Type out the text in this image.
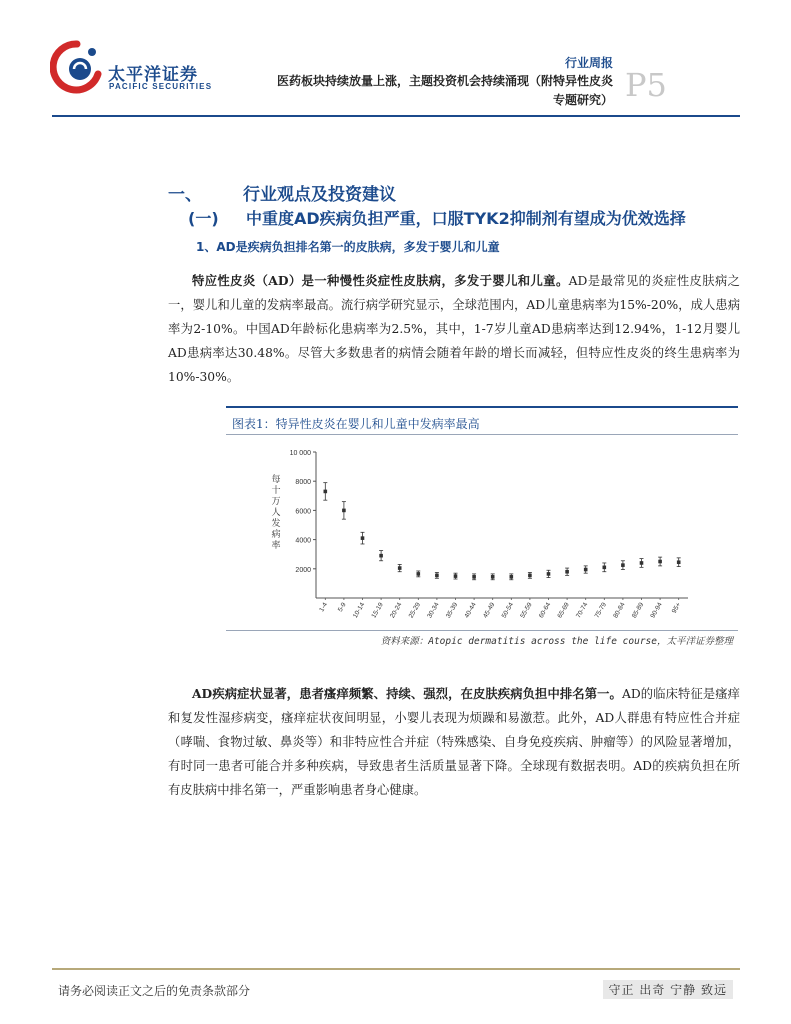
太平洋证券
PACIFIC SECURITIES
行业周报
医药板块持续放量上涨，主题投资机会持续涌现（附特异性皮炎
专题研究） P5
一、 行业观点及投资建议
(一) 中重度AD疾病负担严重，口服TYK2抑制剂有望成为优效选择
1、AD是疾病负担排名第一的皮肤病，多发于婴儿和儿童

特应性皮炎（AD）是一种慢性炎症性皮肤病，多发于婴儿和儿童。AD是最常见的炎症性皮肤病之一，婴儿和儿童的发病率最高。流行病学研究显示，全球范围内，AD儿童患病率为15%-20%，成人患病率为2-10%。中国AD年龄标化患病率为2.5%，其中，1-7岁儿童AD患病率达到12.94%，1-12月婴儿AD患病率达30.48%。尽管大多数患者的病情会随着年龄的增长而减轻，但特应性皮炎的终生患病率为10%-30%。

图表1：特异性皮炎在婴儿和儿童中发病率最高
2000
4000
6000
8000
10 000
每十万人发病率
1-4 5-9 10-14 15-19 20-24 25-29 30-34 35-39 40-44 45-49 50-54 55-59 60-64 65-69 70-74 75-79 80-84 85-89 90-94 95+
资料来源：Atopic dermatitis across the life course，太平洋证券整理

AD疾病症状显著，患者瘙痒频繁、持续、强烈，在皮肤疾病负担中排名第一。AD的临床特征是瘙痒和复发性湿疹病变，瘙痒症状夜间明显，小婴儿表现为烦躁和易激惹。此外，AD人群患有特应性合并症（哮喘、食物过敏、鼻炎等）和非特应性合并症（特殊感染、自身免疫疾病、肿瘤等）的风险显著增加，有时同一患者可能合并多种疾病，导致患者生活质量显著下降。全球现有数据表明。AD的疾病负担在所有皮肤病中排名第一，严重影响患者身心健康。

请务必阅读正文之后的免责条款部分	守正 出奇 宁静 致远
